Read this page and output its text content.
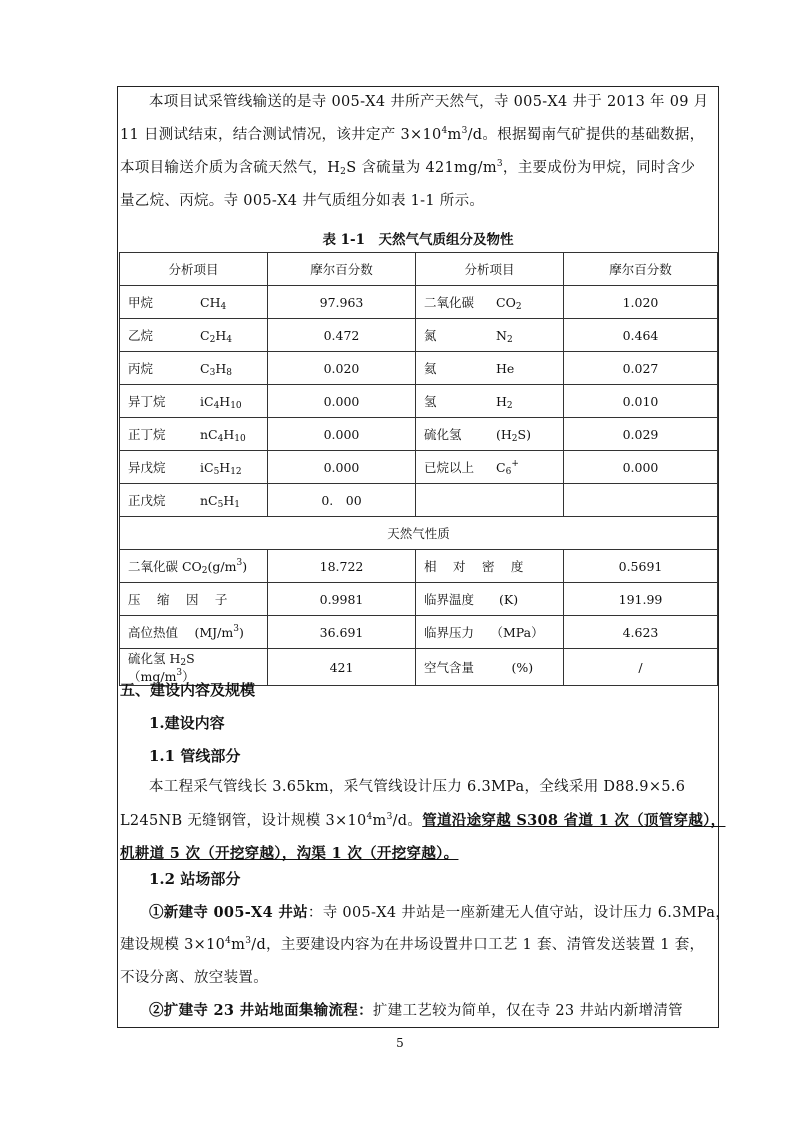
本项目试采管线输送的是寺 005-X4 井所产天然气，寺 005-X4 井于 2013 年 09 月
11 日测试结束，结合测试情况，该井定产 $3\times 10^4m^3/d$。根据蜀南气矿提供的基础数据，
本项目输送介质为含硫天然气，$H_2S$ 含硫量为 $421mg/m^3$，主要成份为甲烷，同时含少
量乙烷、丙烷。寺 005-X4 井气质组分如表 1-1 所示。
表 1-1　天然气气质组分及物性
分析项目	摩尔百分数	分析项目	摩尔百分数
甲烷 $CH_4$	97.963	二氧化碳 $CO_2$	1.020
乙烷 $C_2H_4$	0.472	氮 $N_2$	0.464
丙烷 $C_3H_8$	0.020	氦 He	0.027
异丁烷 $iC_4H_{10}$	0.000	氢 $H_2$	0.010
正丁烷 $nC_4H_{10}$	0.000	硫化氢 $(H_2S)$	0.029
异戊烷 $iC_5H_{12}$	0.000	已烷以上 $C_6^+$	0.000
正戊烷 $nC_5H_1$	0.　00		
天然气性质			
二氧化碳 $CO_2(g/m^3)$	18.722	相　 对　 密　 度	0.5691
压　 缩　 因　 子	0.9981	临界温度　　(K)	191.99
高位热值　 $(MJ/m^3)$	36.691	临界压力　 （MPa）	4.623
硫化氢 $H_2S(mg/m^3)$	421	空气含量　　　(%)	/
五、建设内容及规模
1.建设内容
1.1 管线部分
本工程采气管线长 3.65km，采气管线设计压力 6.3MPa，全线采用 D88.9×5.6
L245NB 无缝钢管，设计规模 $3\times 10^4m^3/d$。管道沿途穿越 S308 省道 1 次（顶管穿越），
机耕道 5 次（开挖穿越），沟渠 1 次（开挖穿越）。
1.2 站场部分
①新建寺 005-X4 井站：寺 005-X4 井站是一座新建无人值守站，设计压力 6.3MPa，
建设规模 $3\times 10^4m^3/d$，主要建设内容为在井场设置井口工艺 1 套、清管发送装置 1 套，
不设分离、放空装置。
②扩建寺 23 井站地面集输流程：扩建工艺较为简单，仅在寺 23 井站内新增清管
5
